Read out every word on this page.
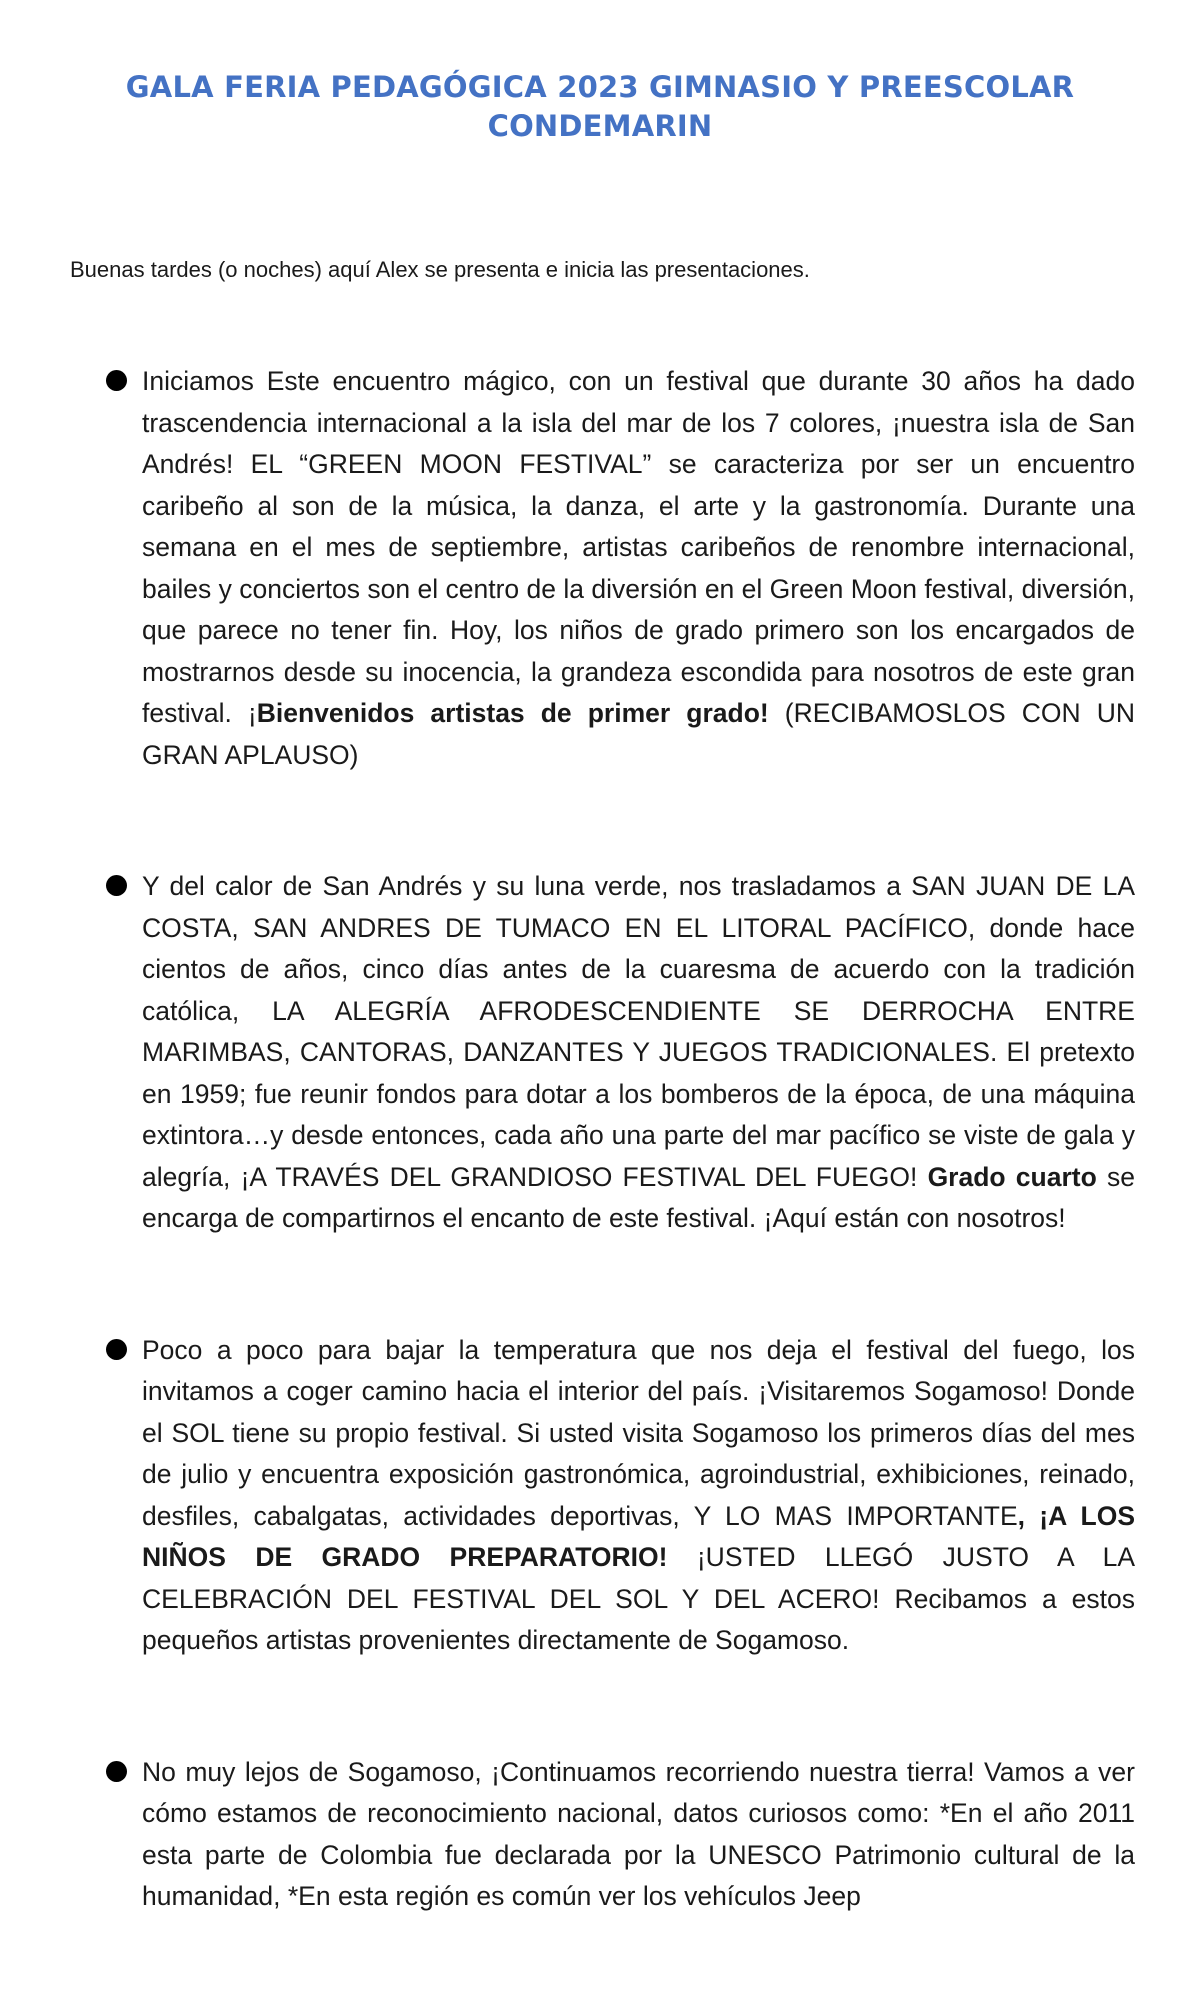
GALA FERIA PEDAGÓGICA 2023 GIMNASIO Y PREESCOLAR CONDEMARIN

Buenas tardes (o noches) aquí Alex se presenta e inicia las presentaciones.

Iniciamos Este encuentro mágico, con un festival que durante 30 años ha dado trascendencia internacional a la isla del mar de los 7 colores, ¡nuestra isla de San Andrés! EL “GREEN MOON FESTIVAL” se caracteriza por ser un encuentro caribeño al son de la música, la danza, el arte y la gastronomía. Durante una semana en el mes de septiembre, artistas caribeños de renombre internacional, bailes y conciertos son el centro de la diversión en el Green Moon festival, diversión, que parece no tener fin. Hoy, los niños de grado primero son los encargados de mostrarnos desde su inocencia, la grandeza escondida para nosotros de este gran festival. ¡Bienvenidos artistas de primer grado! (RECIBAMOSLOS CON UN GRAN APLAUSO)

Y del calor de San Andrés y su luna verde, nos trasladamos a SAN JUAN DE LA COSTA, SAN ANDRES DE TUMACO EN EL LITORAL PACÍFICO, donde hace cientos de años, cinco días antes de la cuaresma de acuerdo con la tradición católica, LA ALEGRÍA AFRODESCENDIENTE SE DERROCHA ENTRE MARIMBAS, CANTORAS, DANZANTES Y JUEGOS TRADICIONALES. El pretexto en 1959; fue reunir fondos para dotar a los bomberos de la época, de una máquina extintora…y desde entonces, cada año una parte del mar pacífico se viste de gala y alegría, ¡A TRAVÉS DEL GRANDIOSO FESTIVAL DEL FUEGO! Grado cuarto se encarga de compartirnos el encanto de este festival. ¡Aquí están con nosotros!

Poco a poco para bajar la temperatura que nos deja el festival del fuego, los invitamos a coger camino hacia el interior del país. ¡Visitaremos Sogamoso! Donde el SOL tiene su propio festival. Si usted visita Sogamoso los primeros días del mes de julio y encuentra exposición gastronómica, agroindustrial, exhibiciones, reinado, desfiles, cabalgatas, actividades deportivas, Y LO MAS IMPORTANTE, ¡A LOS NIÑOS DE GRADO PREPARATORIO! ¡USTED LLEGÓ JUSTO A LA CELEBRACIÓN DEL FESTIVAL DEL SOL Y DEL ACERO! Recibamos a estos pequeños artistas provenientes directamente de Sogamoso.

No muy lejos de Sogamoso, ¡Continuamos recorriendo nuestra tierra! Vamos a ver cómo estamos de reconocimiento nacional, datos curiosos como: *En el año 2011 esta parte de Colombia fue declarada por la UNESCO Patrimonio cultural de la humanidad, *En esta región es común ver los vehículos Jeep
